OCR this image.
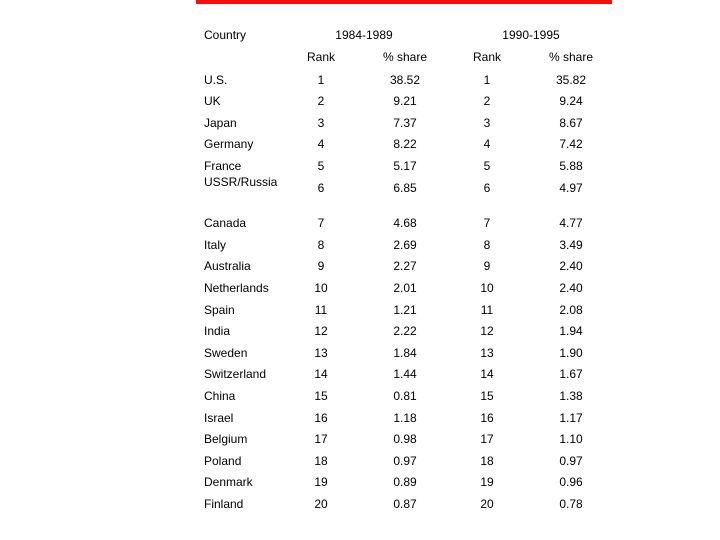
Country	1984-1989	1990-1995
Rank	% share	Rank	% share
U.S.	1	38.52	1	35.82
UK	2	9.21	2	9.24
Japan	3	7.37	3	8.67
Germany	4	8.22	4	7.42
France	5	5.17	5	5.88
USSR/Russia	6	6.85	6	4.97
Canada	7	4.68	7	4.77
Italy	8	2.69	8	3.49
Australia	9	2.27	9	2.40
Netherlands	10	2.01	10	2.40
Spain	11	1.21	11	2.08
India	12	2.22	12	1.94
Sweden	13	1.84	13	1.90
Switzerland	14	1.44	14	1.67
China	15	0.81	15	1.38
Israel	16	1.18	16	1.17
Belgium	17	0.98	17	1.10
Poland	18	0.97	18	0.97
Denmark	19	0.89	19	0.96
Finland	20	0.87	20	0.78
